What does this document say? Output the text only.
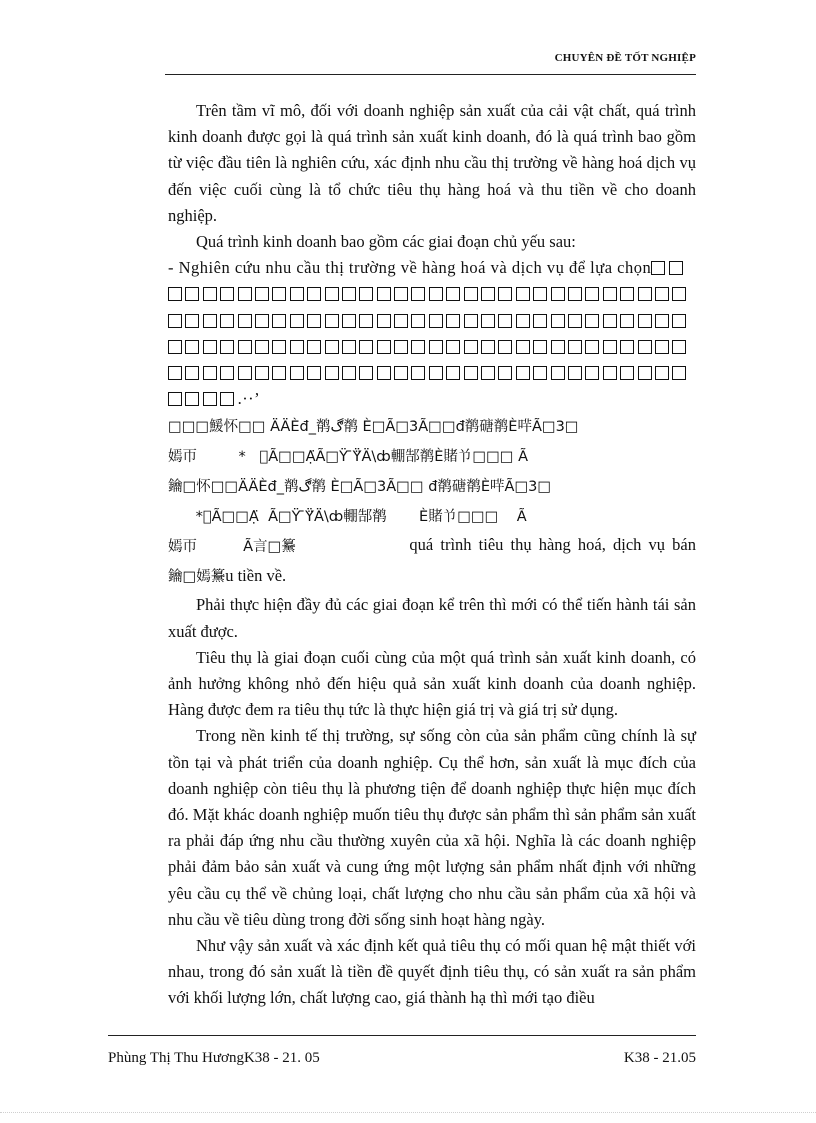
CHUYÊN ĐỀ TỐT NGHIỆP

Trên tầm vĩ mô, đối với doanh nghiệp sản xuất của cải vật chất, quá trình kinh doanh được gọi là quá trình sản xuất kinh doanh, đó là quá trình bao gồm từ việc đầu tiên là nghiên cứu, xác định nhu cầu thị trường về hàng hoá dịch vụ đến việc cuối cùng là tổ chức tiêu thụ hàng hoá và thu tiền về cho doanh nghiệp.

Quá trình kinh doanh bao gồm các giai đoạn chủ yếu sau:

- Nghiên cứu nhu cầu thị trường về hàng hoá và dịch vụ để lựa chọn.··’

□□□鰀怀□□ ÄÄÈđ_鹡ڰ鹡 È□Ã□3Ã□□đ鹡磄鹡È哶Ã□3□
嫣帀         *   ᷏Ã□□Ạ̈Ã□Ÿ ̄Ÿ̈Ä\ȸ輣郜鹡È賭兯□□□ Ã
鑰□怀□□ÄÄÈđ_鹡ڰ鹡 È□Ã□3Ã□□ đ鹡磄鹡È哶Ã□3□
*᷏Ã□□Ạ̈  Ã□Ÿ ̄Ÿ̈Ä\ȸ輣郜鹡       È賭兯□□□    Ã
嫣帀          Ã言□䵵	quá trình tiêu thụ hàng hoá, dịch vụ bán
鑰□嫣䵵u tiền về.

Phải thực hiện đầy đủ các giai đoạn kể trên thì mới có thể tiến hành tái sản xuất được.

Tiêu thụ là giai đoạn cuối cùng của một quá trình sản xuất kinh doanh, có ảnh hưởng không nhỏ đến hiệu quả sản xuất kinh doanh của doanh nghiệp. Hàng được đem ra tiêu thụ tức là thực hiện giá trị và giá trị sử dụng.

Trong nền kinh tế thị trường, sự sống còn của sản phẩm cũng chính là sự tồn tại và phát triển của doanh nghiệp. Cụ thể hơn, sản xuất là mục đích của doanh nghiệp còn tiêu thụ là phương tiện để doanh nghiệp thực hiện mục đích đó. Mặt khác doanh nghiệp muốn tiêu thụ được sản phẩm thì sản phẩm sản xuất ra phải đáp ứng nhu cầu thường xuyên của xã hội. Nghĩa là các doanh nghiệp phải đảm bảo sản xuất và cung ứng một lượng sản phẩm nhất định với những yêu cầu cụ thể về chủng loại, chất lượng cho nhu cầu sản phẩm của xã hội và nhu cầu về tiêu dùng trong đời sống sinh hoạt hàng ngày.

Như vậy sản xuất và xác định kết quả tiêu thụ có mối quan hệ mật thiết với nhau, trong đó sản xuất là tiền đề quyết định tiêu thụ, có sản xuất ra sản phẩm với khối lượng lớn, chất lượng cao, giá thành hạ thì mới tạo điều

Phùng Thị Thu HươngK38 - 21. 05	K38 - 21.05
